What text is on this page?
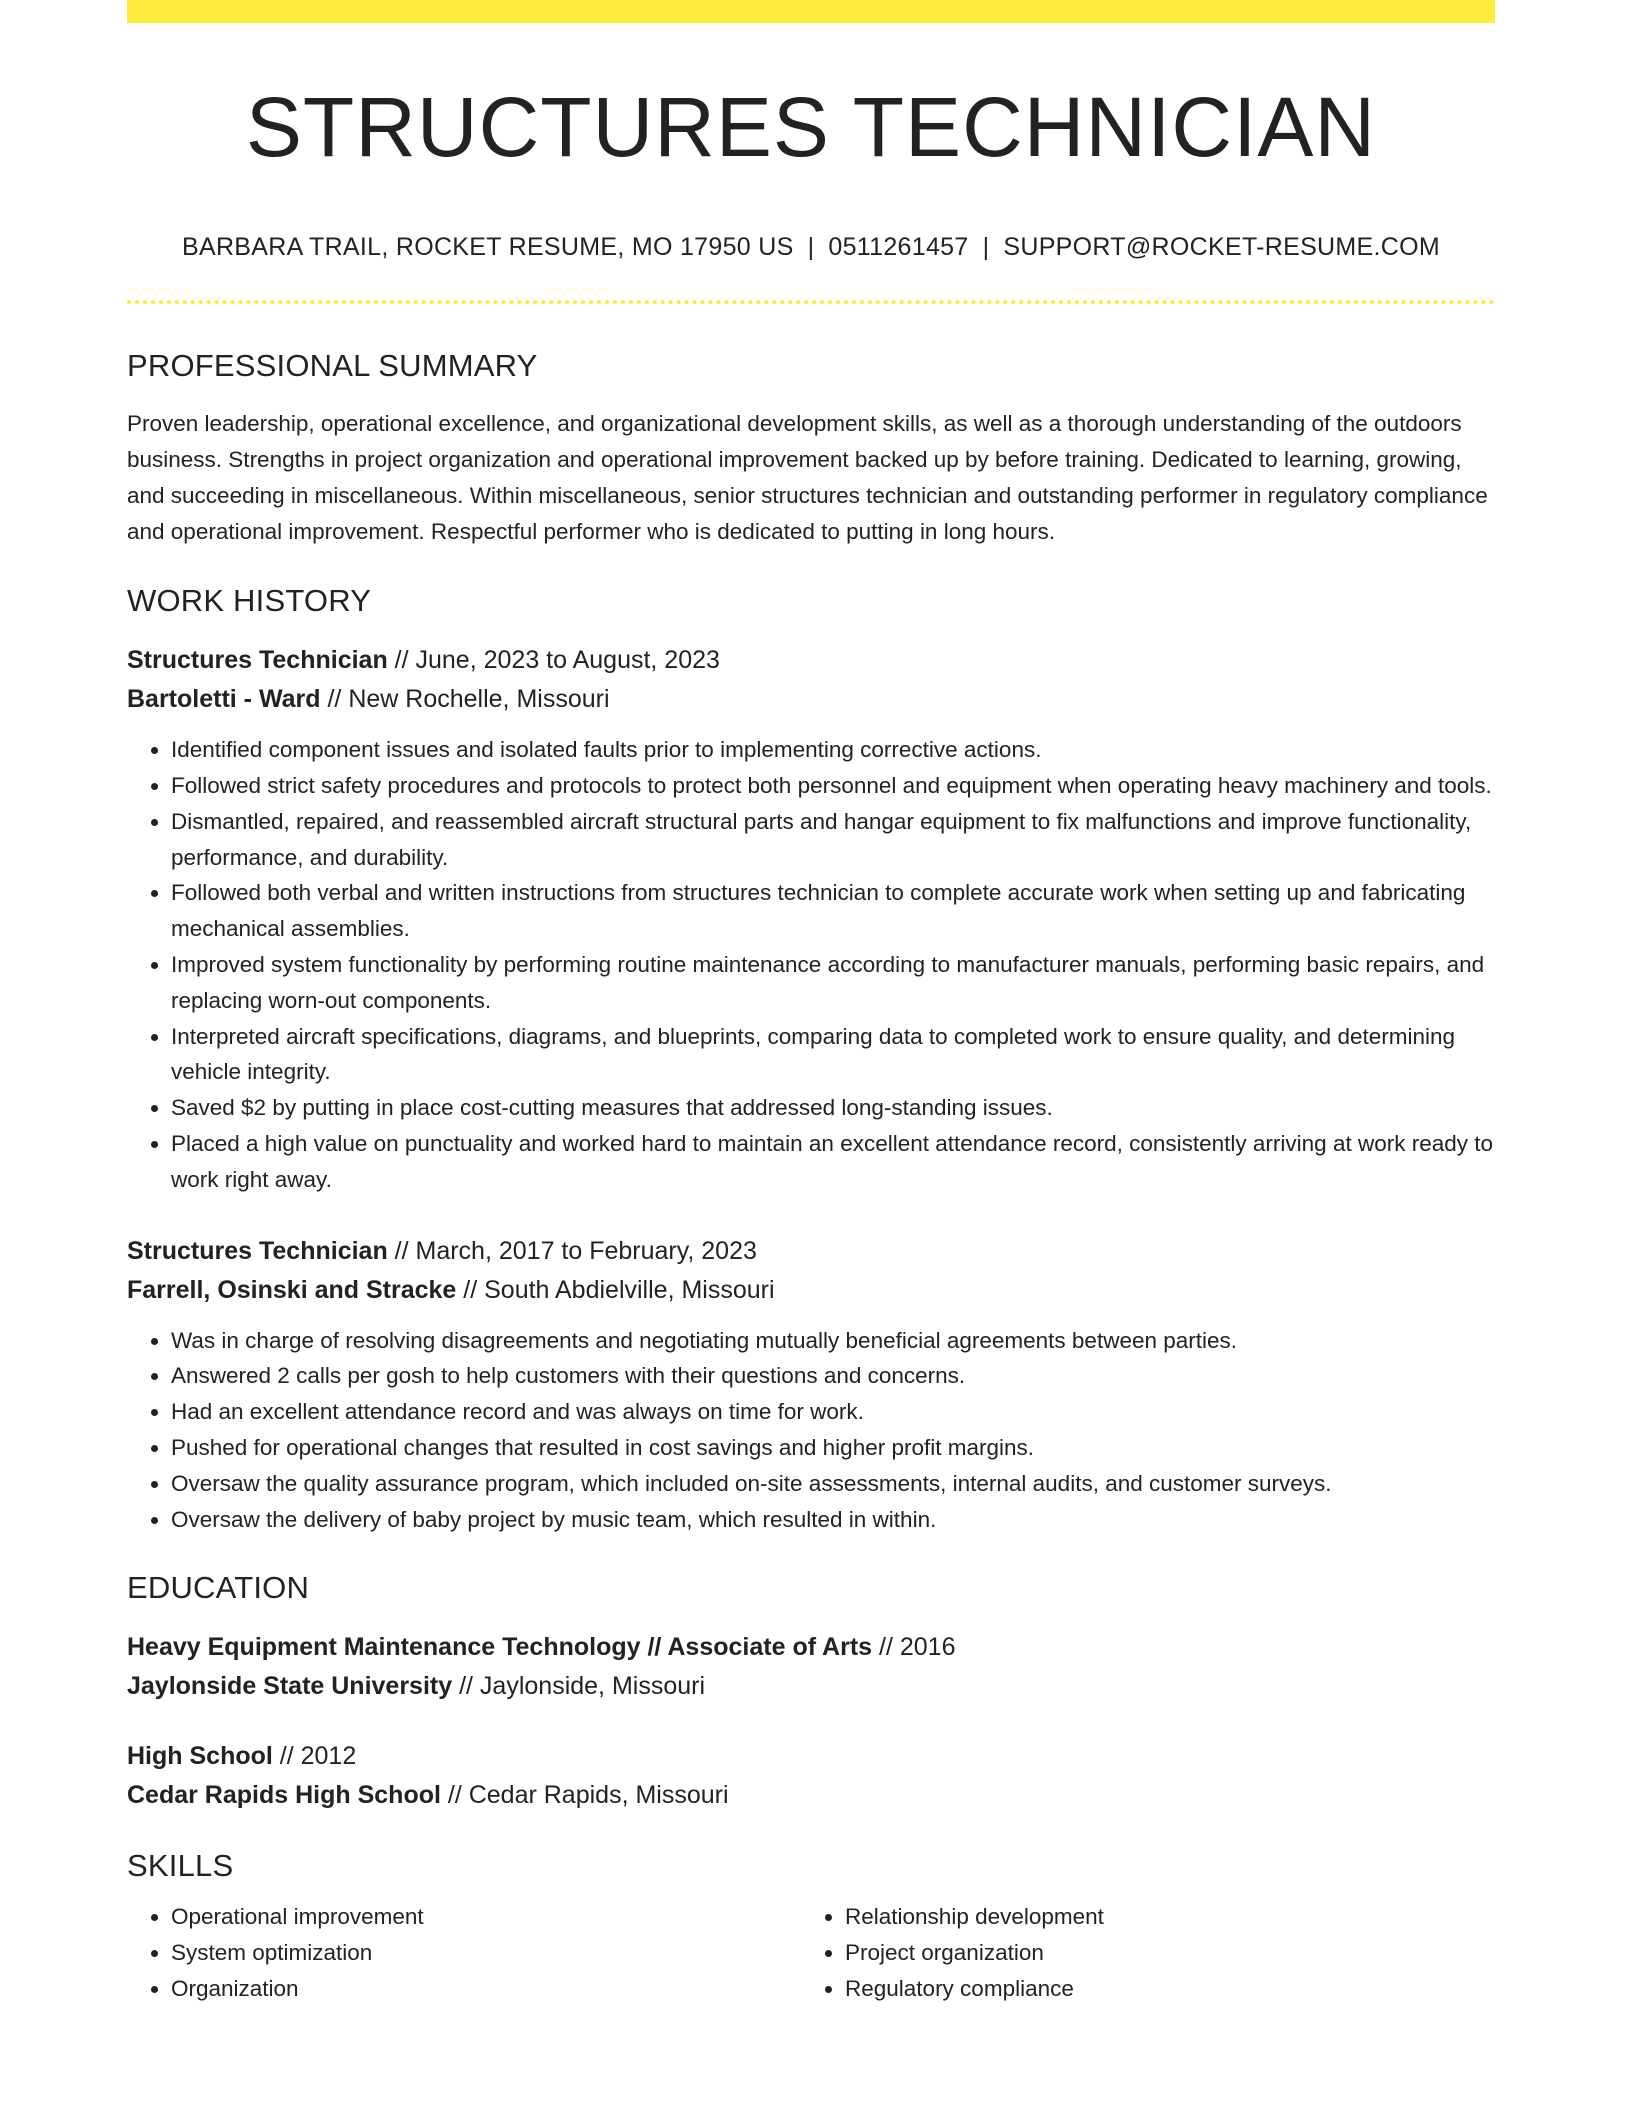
STRUCTURES TECHNICIAN
BARBARA TRAIL, ROCKET RESUME, MO 17950 US | 0511261457 | SUPPORT@ROCKET-RESUME.COM
PROFESSIONAL SUMMARY
Proven leadership, operational excellence, and organizational development skills, as well as a thorough understanding of the outdoors business. Strengths in project organization and operational improvement backed up by before training. Dedicated to learning, growing, and succeeding in miscellaneous. Within miscellaneous, senior structures technician and outstanding performer in regulatory compliance and operational improvement. Respectful performer who is dedicated to putting in long hours.
WORK HISTORY
Structures Technician // June, 2023 to August, 2023
Bartoletti - Ward // New Rochelle, Missouri
• Identified component issues and isolated faults prior to implementing corrective actions.
• Followed strict safety procedures and protocols to protect both personnel and equipment when operating heavy machinery and tools.
• Dismantled, repaired, and reassembled aircraft structural parts and hangar equipment to fix malfunctions and improve functionality, performance, and durability.
• Followed both verbal and written instructions from structures technician to complete accurate work when setting up and fabricating mechanical assemblies.
• Improved system functionality by performing routine maintenance according to manufacturer manuals, performing basic repairs, and replacing worn-out components.
• Interpreted aircraft specifications, diagrams, and blueprints, comparing data to completed work to ensure quality, and determining vehicle integrity.
• Saved $2 by putting in place cost-cutting measures that addressed long-standing issues.
• Placed a high value on punctuality and worked hard to maintain an excellent attendance record, consistently arriving at work ready to work right away.
Structures Technician // March, 2017 to February, 2023
Farrell, Osinski and Stracke // South Abdielville, Missouri
• Was in charge of resolving disagreements and negotiating mutually beneficial agreements between parties.
• Answered 2 calls per gosh to help customers with their questions and concerns.
• Had an excellent attendance record and was always on time for work.
• Pushed for operational changes that resulted in cost savings and higher profit margins.
• Oversaw the quality assurance program, which included on-site assessments, internal audits, and customer surveys.
• Oversaw the delivery of baby project by music team, which resulted in within.
EDUCATION
Heavy Equipment Maintenance Technology // Associate of Arts // 2016
Jaylonside State University // Jaylonside, Missouri
High School // 2012
Cedar Rapids High School // Cedar Rapids, Missouri
SKILLS
• Operational improvement
• System optimization
• Organization
• Relationship development
• Project organization
• Regulatory compliance
